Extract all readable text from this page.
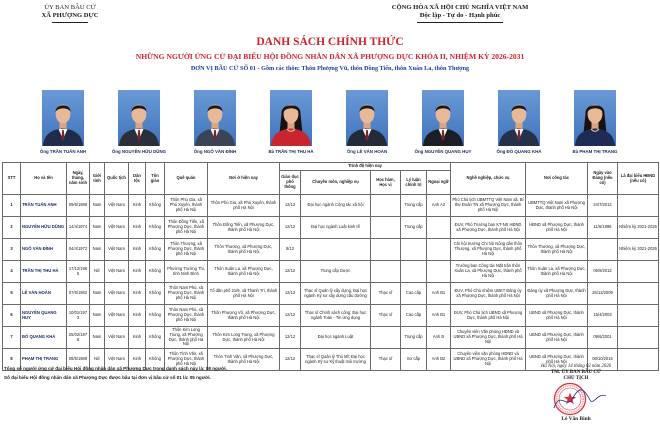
ỦY BAN BẦU CỬ
XÃ PHƯỢNG DỰC
CỘNG HÒA XÃ HỘI CHỦ NGHĨA VIỆT NAM
Độc lập - Tự do - Hạnh phúc
DANH SÁCH CHÍNH THỨC
NHỮNG NGƯỜI ỨNG CỬ ĐẠI BIỂU HỘI ĐỒNG NHÂN DÂN XÃ PHƯỢNG DỰC KHÓA II, NHIỆM KỲ 2026-2031
ĐƠN VỊ BẦU CỬ SỐ 01 - Gồm các thôn: Thôn Phượng Vũ, thôn Đồng Tiến, thôn Xuân La, thôn Thượng
Ông TRẦN TUẤN ANH	Ông NGUYỄN HỮU DŨNG	Ông NGÔ VĂN ĐỈNH	Bà TRẦN THỊ THU HÀ	Ông LÊ VĂN HOÀN	Ông NGUYỄN QUANG HUY	Ông ĐỖ QUANG KHÁ	Bà PHẠM THỊ TRANG
STT	Họ và tên	Ngày, tháng, năm sinh	Giới tính	Quốc tịch	Dân tộc	Tôn giáo	Quê quán	Nơi ở hiện nay	Trình độ hiện nay					Nghề nghiệp, chức vụ	Nơi công tác	Ngày vào Đảng (nếu có)	Là đại biểu HĐND (nếu có)
									Giáo dục phổ thông	Chuyên môn, nghiệp vụ	Học hàm, Học vị	Lý luận chính trị	Ngoại ngữ				
1	TRẦN TUẤN ANH	09/6/1989	Nam	Việt Nam	Kinh	Không	Thôn Phú Gia, xã Phú Xuyên, thành phố Hà Nội	Thôn Phú Gia, xã Phú Xuyên, thành phố Hà Nội	12/12	Đại học ngành Công tác xã hội		Trung cấp	Anh A2	Phó Chủ tịch UBMTTQ Việt Nam xã, Bí thư Đoàn TN xã Phượng Dực, thành phố Hà Nội	UBMTTQ Việt Nam xã Phượng Dực, thành phố Hà Nội	24/7/2012	
2	NGUYỄN HỮU DŨNG	14/4/1974	Nam	Việt Nam	Kinh	Không	Thôn Đồng Tiến, xã Phượng Dực, thành phố Hà Nội	Thôn Đồng Tiến, xã Phượng Dực, thành phố Hà Nội	12/12	Đại học ngành Luật kinh tế		Trung cấp		ĐUV, Phó Trưởng ban KT-NS HĐND xã Phượng Dực, thành phố Hà Nội	HĐND xã Phượng Dực, thành phố Hà Nội	11/6/1999	Nhiệm kỳ 2021-2026
3	NGÔ VĂN ĐỈNH	04/4/1972	Nam	Việt Nam	Kinh	Không	Thôn Thượng, xã Phượng Dực, thành phố Hà Nội	Thôn Thượng, xã Phượng Dực, thành phố Hà Nội	8/12					Chi hội trưởng Chi hội Nông dân thôn Thượng, xã Phượng Dực, thành phố Hà Nội	Thôn Thượng, xã Phượng Dực, thành phố Hà Nội		Nhiệm kỳ 2021-2026
4	TRẦN THỊ THU HÀ	17/12/1985	Nữ	Việt Nam	Kinh	Không	Phường Trường Thi, tỉnh Ninh Bình	Thôn Xuân La, xã Phượng Dực, thành phố Hà Nội	12/12	Trung cấp Dược				Trưởng ban Công tác Mặt trận thôn Xuân La, xã Phượng Dực, thành phố Hà Nội	Thôn Xuân La, xã Phượng Dực, thành phố Hà Nội	05/9/2012	
5	LÊ VĂN HOÀN	07/6/1982	Nam	Việt Nam	Kinh	Không	Thôn Nam Phú, xã Phượng Dực, thành phố Hà Nội	Tổ dân phố 21/9, xã Thanh Trì, thành phố Hà Nội	12/12	Thạc sĩ Quản lý xây dựng, Đại học ngành Kỹ sư xây dựng cầu đường	Thạc sĩ	Cao cấp	Anh B1	ĐUV, Phó Chủ nhiệm UBKT Đảng ủy xã Phượng Dực, thành phố Hà Nội	Đảng ủy xã Phượng Dực, thành phố Hà Nội	26/12/2009	
6	NGUYỄN QUANG HUY	10/01/1973	Nam	Việt Nam	Kinh	Không	Thôn Nam Phú, xã Phượng Dực, thành phố Hà Nội	Thôn Phượng Vũ, xã Phượng Dực, thành phố Hà Nội	12/12	Thạc sĩ Chính sách công; Đại học ngành Toán - Tin ứng dụng	Thạc sĩ	Cao cấp	Anh B1	ĐUV, Phó Chủ tịch UBND xã Phượng Dực, thành phố Hà Nội	UBND xã Phượng Dực, thành phố Hà Nội	15/4/2003	
7	ĐỖ QUANG KHÁ	25/02/1978	Nam	Việt Nam	Kinh	Không	Thôn Kim Long Trung, xã Phượng Dực, thành phố Hà Nội	Thôn Kim Long Trung, xã Phượng Dực, thành phố Hà Nội	12/12	Đại học ngành Luật		Trung cấp	Anh B	Chuyên viên Văn phòng HĐND và UBND xã Phượng Dực, thành phố Hà Nội	UBND xã Phượng Dực, thành phố Hà Nội	09/6/2001	
8	PHẠM THỊ TRANG	08/5/1989	Nữ	Việt Nam	Kinh	Không	Thôn Tình Văn, xã Phượng Dực, thành phố Hà Nội	Thôn Tình Văn, xã Phượng Dực, thành phố Hà Nội	12/12	Thạc sĩ Quản lý Thủ Mĩ; Đại học ngành Kỹ sư Kỹ thuật môi trường	Thạc sĩ	Sơ cấp	Anh B2	Chuyên viên văn phòng HĐND và UBND xã Phượng Dực, thành phố Hà Nội	UBND xã Phượng Dực, thành phố Hà Nội	08/10/2016	
Tổng số người ứng cử đại biểu Hội đồng nhân dân xã Phượng Dực trong danh sách này là: 08 người.
Số đại biểu Hội đồng nhân dân xã Phượng Dực được bầu tại đơn vị bầu cử số 01 là: 05 người.
Hà Nội, ngày 14 tháng 02 năm 2026
TM. ỦY BAN BẦU CỬ
CHỦ TỊCH
Lê Văn Bình
